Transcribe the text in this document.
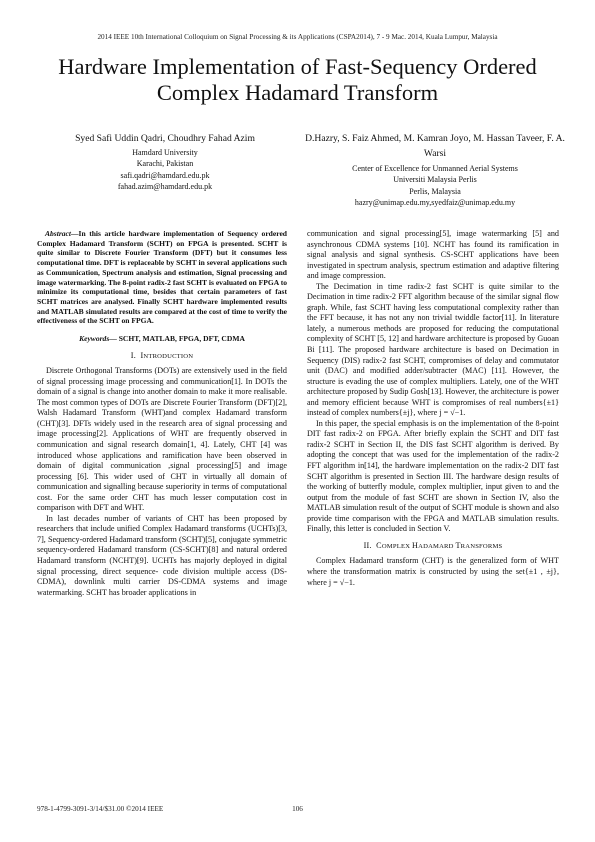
2014 IEEE 10th International Colloquium on Signal Processing & its Applications (CSPA2014), 7 - 9 Mac. 2014, Kuala Lumpur, Malaysia
Hardware Implementation of Fast-Sequency Ordered Complex Hadamard Transform
Syed Safi Uddin Qadri, Choudhry Fahad Azim
Hamdard University
Karachi, Pakistan
safi.qadri@hamdard.edu.pk
fahad.azim@hamdard.edu.pk
D.Hazry, S. Faiz Ahmed, M. Kamran Joyo, M. Hassan Taveer, F. A. Warsi
Center of Excellence for Unmanned Aerial Systems
Universiti Malaysia Perlis
Perlis, Malaysia
hazry@unimap.edu.my,syedfaiz@unimap.edu.my

Abstract—In this article hardware implementation of Sequency ordered Complex Hadamard Transform (SCHT) on FPGA is presented. SCHT is quite similar to Discrete Fourier Transform (DFT) but it consumes less computational time. DFT is replaceable by SCHT in several applications such as Communication, Spectrum analysis and estimation, Signal processing and image watermarking. The 8-point radix-2 fast SCHT is evaluated on FPGA to minimize its computational time, besides that certain parameters of fast SCHT matrices are analysed. Finally SCHT hardware implemented results and MATLAB simulated results are compared at the cost of time to verify the effectiveness of the SCHT on FPGA.

Keywords— SCHT, MATLAB, FPGA, DFT, CDMA
I. INTRODUCTION

Discrete Orthogonal Transforms (DOTs) are extensively used in the field of signal processing image processing and communication[1]. In DOTs the domain of a signal is change into another domain to make it more realisable. The most common types of DOTs are Discrete Fourier Transform (DFT)[2], Walsh Hadamard Transform (WHT)and complex Hadamard transform (CHT)[3]. DFTs widely used in the research area of signal processing and image processing[2]. Applications of WHT are frequently observed in communication and signal research domain[1, 4]. Lately, CHT [4] was introduced whose applications and ramification have been observed in domain of digital communication ,signal processing[5] and image processing [6]. This wider used of CHT in virtually all domain of communication and signalling because superiority in terms of computational cost. For the same order CHT has much lesser computation cost in comparison with DFT and WHT.

In last decades number of variants of CHT has been proposed by researchers that include unified Complex Hadamard transforms (UCHTs)[3, 7], Sequency-ordered Hadamard transform (SCHT)[5], conjugate symmetric sequency-ordered Hadamard transform (CS-SCHT)[8] and natural ordered Hadamard transform (NCHT)[9]. UCHTs has majorly deployed in digital signal processing, direct sequence- code division multiple access (DS-CDMA), downlink multi carrier DS-CDMA systems and image watermarking. SCHT has broader applications in

communication and signal processing[5], image watermarking [5] and asynchronous CDMA systems [10]. NCHT has found its ramification in signal analysis and signal synthesis. CS-SCHT applications have been investigated in spectrum analysis, spectrum estimation and adaptive filtering and image compression.

The Decimation in time radix-2 fast SCHT is quite similar to the Decimation in time radix-2 FFT algorithm because of the similar signal flow graph. While, fast SCHT having less computational complexity rather than the FFT because, it has not any non trivial twiddle factor[11]. In literature lately, a numerous methods are proposed for reducing the computational complexity of SCHT [5, 12] and hardware architecture is proposed by Guoan Bi [11]. The proposed hardware architecture is based on Decimation in Sequency (DIS) radix-2 fast SCHT, compromises of delay and commutator unit (DAC) and modified adder/subtracter (MAC) [11]. However, the structure is evading the use of complex multipliers. Lately, one of the WHT architecture proposed by Sudip Gosh[13]. However, the architecture is power and memory efficient because WHT is compromises of real numbers{±1} instead of complex numbers{±j}, where j = √−1.

In this paper, the special emphasis is on the implementation of the 8-point DIT fast radix-2 on FPGA. After briefly explain the SCHT and DIT fast radix-2 SCHT in Section II, the DIS fast SCHT algorithm is derived. By adopting the concept that was used for the implementation of the radix-2 FFT algorithm in[14], the hardware implementation on the radix-2 DIT fast SCHT algorithm is presented in Section III. The hardware design results of the working of butterfly module, complex multiplier, input given to and the output from the module of fast SCHT are shown in Section IV, also the MATLAB simulation result of the output of SCHT module is shown and also provide time comparison with the FPGA and MATLAB simulation results. Finally, this letter is concluded in Section V.

II. COMPLEX HADAMARD TRANSFORMS

Complex Hadamard transform (CHT) is the generalized form of WHT where the transformation matrix is constructed by using the set{±1 , ±j}, where j = √−1.

978-1-4799-3091-3/14/$31.00 ©2014 IEEE	106
